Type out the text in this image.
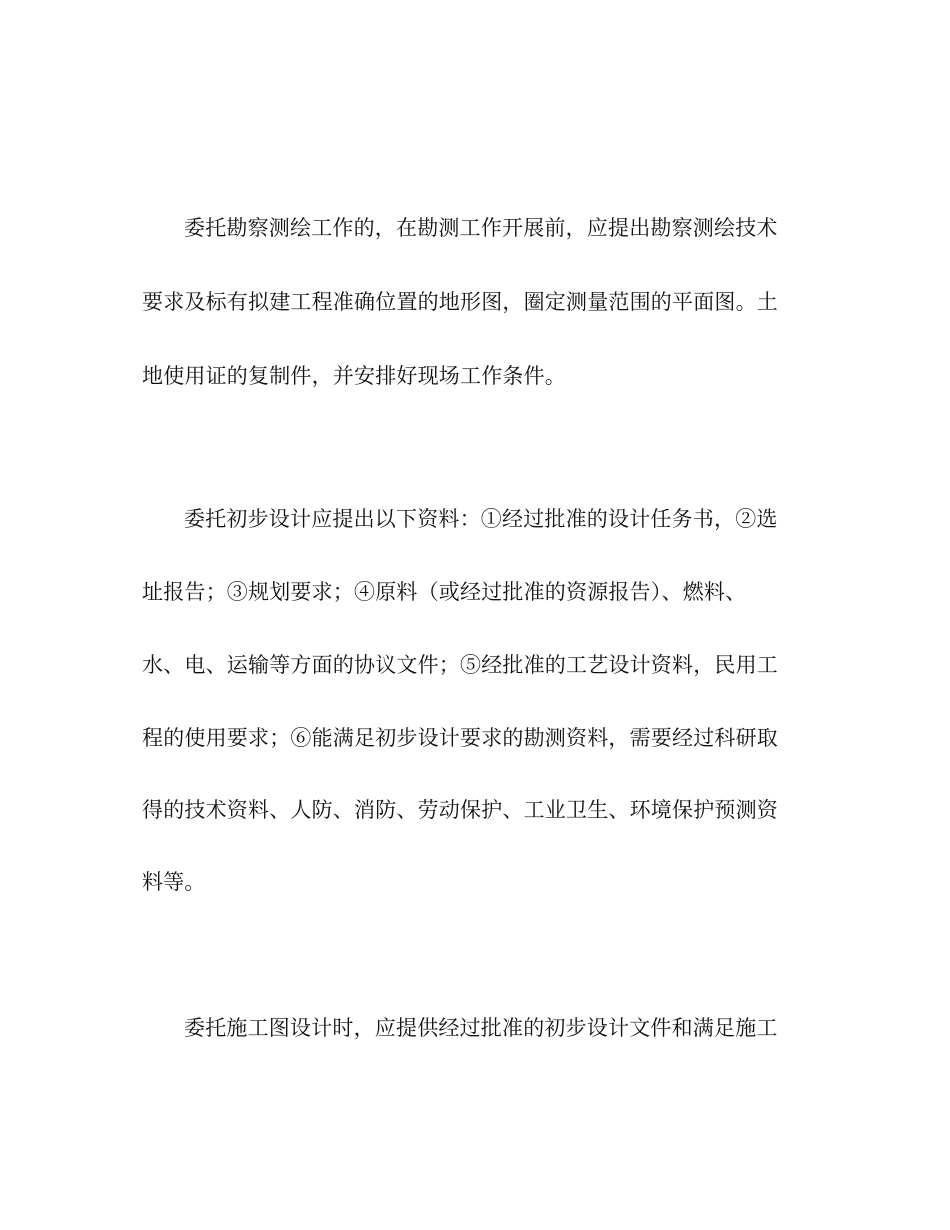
委托勘察测绘工作的，在勘测工作开展前，应提出勘察测绘技术
要求及标有拟建工程准确位置的地形图，圈定测量范围的平面图。土
地使用证的复制件，并安排好现场工作条件。
委托初步设计应提出以下资料：①经过批准的设计任务书，②选
址报告；③规划要求；④原料（或经过批准的资源报告）、燃料、
水、电、运输等方面的协议文件；⑤经批准的工艺设计资料，民用工
程的使用要求；⑥能满足初步设计要求的勘测资料，需要经过科研取
得的技术资料、人防、消防、劳动保护、工业卫生、环境保护预测资
料等。
委托施工图设计时，应提供经过批准的初步设计文件和满足施工
